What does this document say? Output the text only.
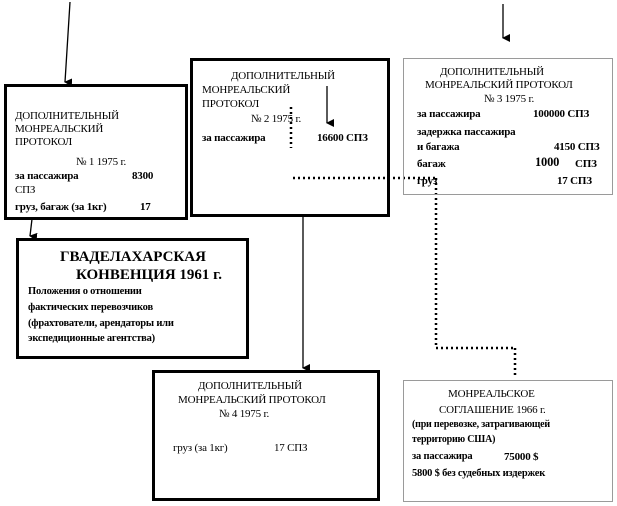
ДОПОЛНИТЕЛЬНЫЙ
МОНРЕАЛЬСКИЙ
ПРОТОКОЛ
№ 1 1975 г.
за пассажира	8300
СПЗ
груз, багаж (за 1кг)	17
ДОПОЛНИТЕЛЬНЫЙ
МОНРЕАЛЬСКИЙ
ПРОТОКОЛ
№ 2 1975 г.
за пассажира	16600 СПЗ
ДОПОЛНИТЕЛЬНЫЙ
МОНРЕАЛЬСКИЙ ПРОТОКОЛ
№ 3 1975 г.
за пассажира	100000 СПЗ
задержка пассажира
и багажа	4150 СПЗ
багаж	1000 СПЗ
груз	17 СПЗ
ГВАДЕЛАХАРСКАЯ
КОНВЕНЦИЯ 1961 г.
Положения о отношении
фактических перевозчиков
(фрахтователи, арендаторы или
экспедиционные агентства)
ДОПОЛНИТЕЛЬНЫЙ
МОНРЕАЛЬСКИЙ ПРОТОКОЛ
№ 4 1975 г.
груз (за 1кг)	17 СПЗ
МОНРЕАЛЬСКОЕ
СОГЛАШЕНИЕ 1966 г.
(при перевозке, затрагивающей
территорию США)
за пассажира	75000 $
5800 $ без судебных издержек
